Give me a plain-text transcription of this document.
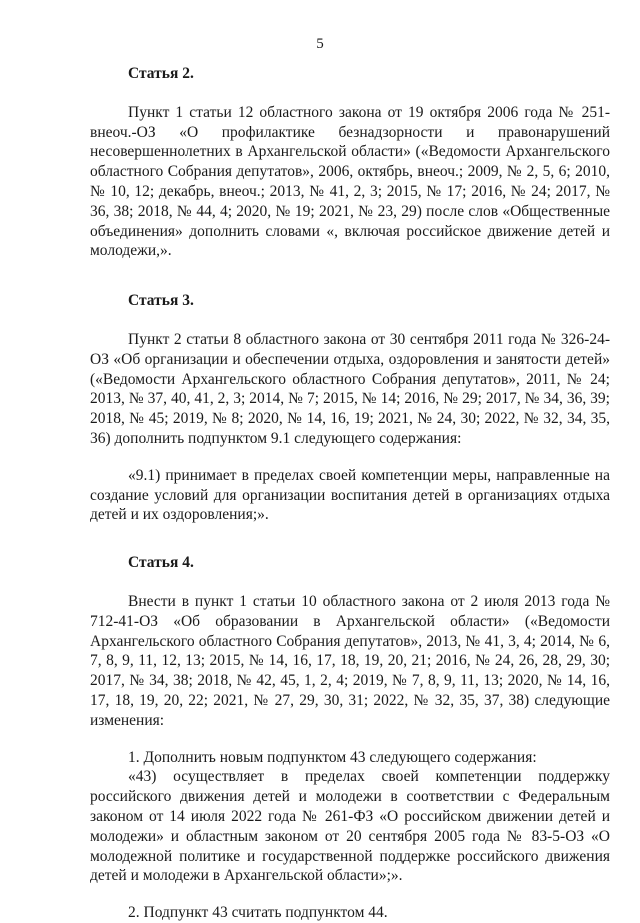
5

Статья 2.

Пункт 1 статьи 12 областного закона от 19 октября 2006 года № 251-внеоч.-ОЗ «О профилактике безнадзорности и правонарушений несовершеннолетних в Архангельской области» («Ведомости Архангельского областного Собрания депутатов», 2006, октябрь, внеоч.; 2009, № 2, 5, 6; 2010, № 10, 12; декабрь, внеоч.; 2013, № 41, 2, 3; 2015, № 17; 2016, № 24; 2017, № 36, 38; 2018, № 44, 4; 2020, № 19; 2021, № 23, 29) после слов «Общественные объединения» дополнить словами «, включая российское движение детей и молодежи,».

Статья 3.

Пункт 2 статьи 8 областного закона от 30 сентября 2011 года № 326-24-ОЗ «Об организации и обеспечении отдыха, оздоровления и занятости детей» («Ведомости Архангельского областного Собрания депутатов», 2011, № 24; 2013, № 37, 40, 41, 2, 3; 2014, № 7; 2015, № 14; 2016, № 29; 2017, № 34, 36, 39; 2018, № 45; 2019, № 8; 2020, № 14, 16, 19; 2021, № 24, 30; 2022, № 32, 34, 35, 36) дополнить подпунктом 9.1 следующего содержания:

«9.1) принимает в пределах своей компетенции меры, направленные на создание условий для организации воспитания детей в организациях отдыха детей и их оздоровления;».

Статья 4.

Внести в пункт 1 статьи 10 областного закона от 2 июля 2013 года № 712-41-ОЗ «Об образовании в Архангельской области» («Ведомости Архангельского областного Собрания депутатов», 2013, № 41, 3, 4; 2014, № 6, 7, 8, 9, 11, 12, 13; 2015, № 14, 16, 17, 18, 19, 20, 21; 2016, № 24, 26, 28, 29, 30; 2017, № 34, 38; 2018, № 42, 45, 1, 2, 4; 2019, № 7, 8, 9, 11, 13; 2020, № 14, 16, 17, 18, 19, 20, 22; 2021, № 27, 29, 30, 31; 2022, № 32, 35, 37, 38) следующие изменения:

1. Дополнить новым подпунктом 43 следующего содержания:

«43) осуществляет в пределах своей компетенции поддержку российского движения детей и молодежи в соответствии с Федеральным законом от 14 июля 2022 года № 261-ФЗ «О российском движении детей и молодежи» и областным законом от 20 сентября 2005 года № 83-5-ОЗ «О молодежной политике и государственной поддержке российского движения детей и молодежи в Архангельской области»;».

2. Подпункт 43 считать подпунктом 44.
